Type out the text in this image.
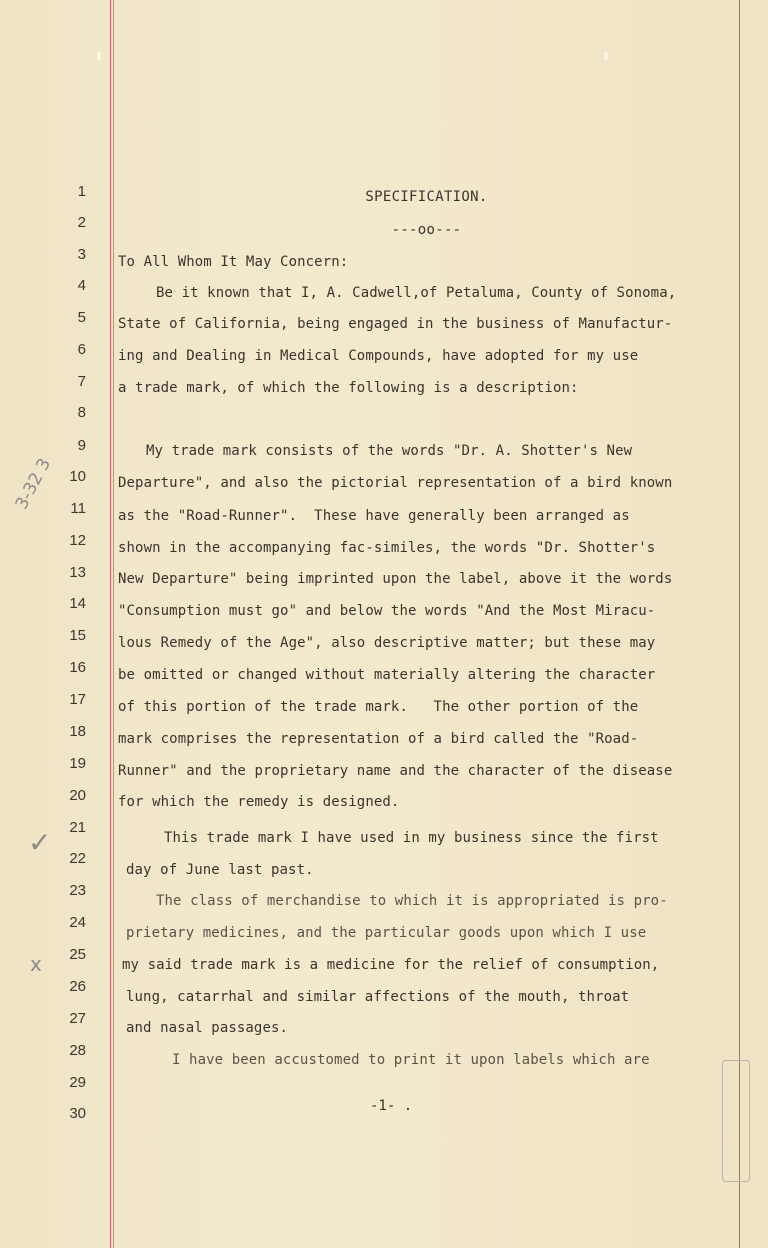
1
2
3
4
5
6
7
8
9
10
11
12
13
14
15
16
17
18
19
20
21
22
23
24
25
26
27
28
29
30
SPECIFICATION.
---oo---
To All Whom It May Concern:
Be it known that I, A. Cadwell,of Petaluma, County of Sonoma,
State of California, being engaged in the business of Manufactur-
ing and Dealing in Medical Compounds, have adopted for my use
a trade mark, of which the following is a description:
My trade mark consists of the words "Dr. A. Shotter's New
Departure", and also the pictorial representation of a bird known
as the "Road-Runner".  These have generally been arranged as
shown in the accompanying fac-similes, the words "Dr. Shotter's
New Departure" being imprinted upon the label, above it the words
"Consumption must go" and below the words "And the Most Miracu-
lous Remedy of the Age", also descriptive matter; but these may
be omitted or changed without materially altering the character
of this portion of the trade mark.   The other portion of the
mark comprises the representation of a bird called the "Road-
Runner" and the proprietary name and the character of the disease
for which the remedy is designed.
This trade mark I have used in my business since the first
day of June last past.
The class of merchandise to which it is appropriated is pro-
prietary medicines, and the particular goods upon which I use
my said trade mark is a medicine for the relief of consumption,
lung, catarrhal and similar affections of the mouth, throat
and nasal passages.
I have been accustomed to print it upon labels which are
-1- .
3-32 3
✓
x
